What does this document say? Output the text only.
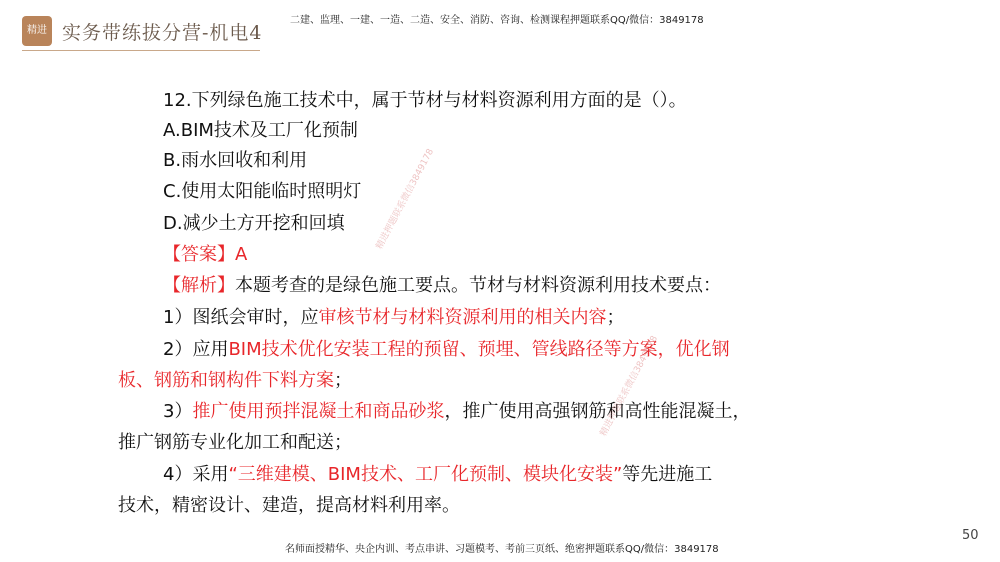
精进 实务带练拔分营-机电4
二建、监理、一建、一造、二造、安全、消防、咨询、检测课程押题联系QQ/微信：3849178
12.下列绿色施工技术中，属于节材与材料资源利用方面的是（）。
A.BIM技术及工厂化预制
B.雨水回收和利用
C.使用太阳能临时照明灯
D.减少土方开挖和回填
【答案】A
【解析】本题考查的是绿色施工要点。节材与材料资源利用技术要点：
1）图纸会审时，应审核节材与材料资源利用的相关内容；
2）应用BIM技术优化安装工程的预留、预埋、管线路径等方案，优化钢
板、钢筋和钢构件下料方案；
3）推广使用预拌混凝土和商品砂浆，推广使用高强钢筋和高性能混凝土，
推广钢筋专业化加工和配送；
4）采用“三维建模、BIM技术、工厂化预制、模块化安装”等先进施工
技术，精密设计、建造，提高材料利用率。
精进押题联系微信3849178
精进押题联系微信3849178
名师面授精华、央企内训、考点串讲、习题模考、考前三页纸、绝密押题联系QQ/微信：3849178
50
